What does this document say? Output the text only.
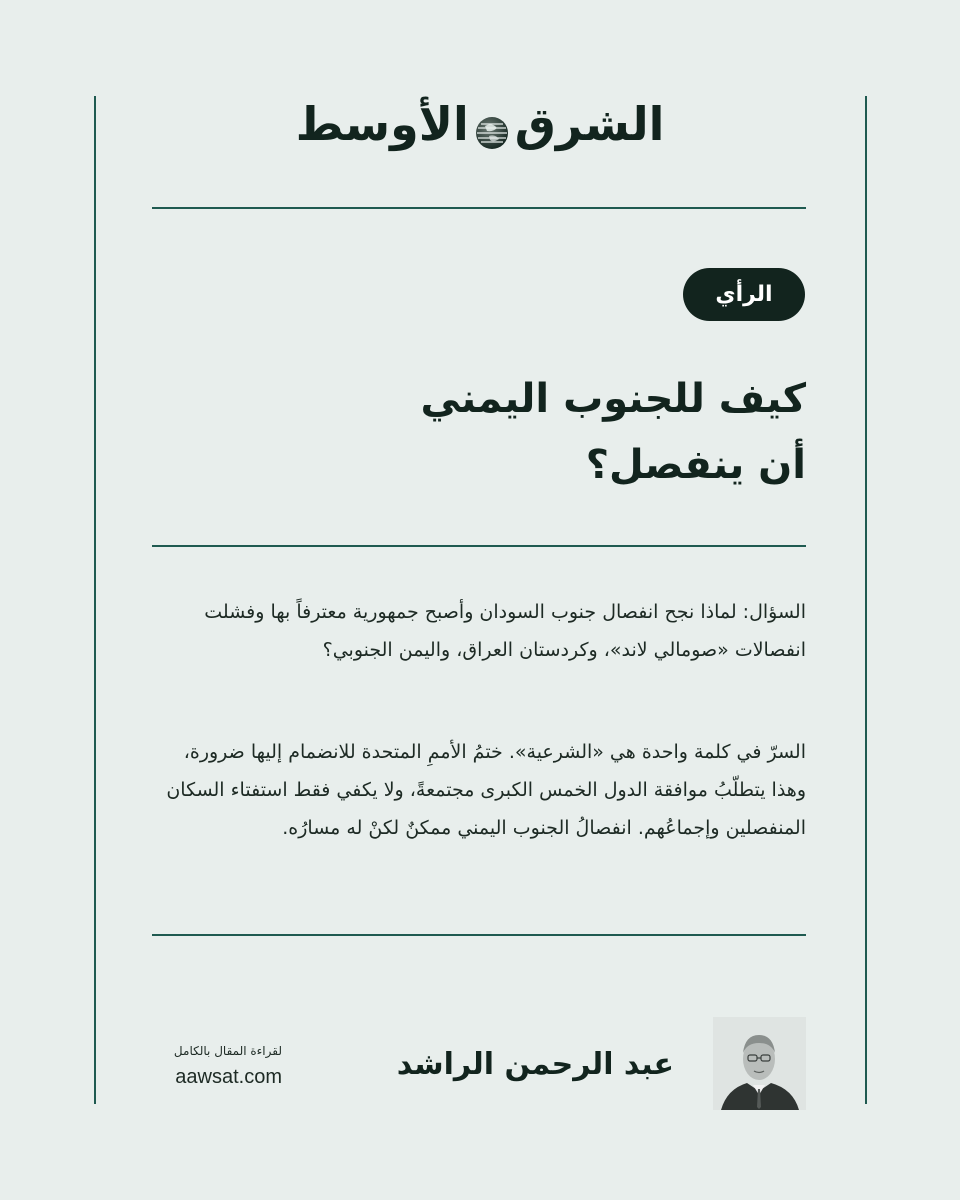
الشرق
الأوسط
الرأي
كيف للجنوب اليمني
أن ينفصل؟

السؤال: لماذا نجح انفصال جنوب السودان وأصبح جمهورية معترفاً بها وفشلت انفصالات «صومالي لاند»، وكردستان العراق، واليمن الجنوبي؟

السرّ في كلمة واحدة هي «الشرعية». ختمُ الأممِ المتحدة للانضمام إليها ضرورة، وهذا يتطلّبُ موافقة الدول الخمس الكبرى مجتمعةً، ولا يكفي فقط استفتاء السكان المنفصلين وإجماعُهم. انفصالُ الجنوب اليمني ممكنٌ لكنْ له مسارُه.

عبد الرحمن الراشد
لقراءة المقال بالكامل
aawsat.com
